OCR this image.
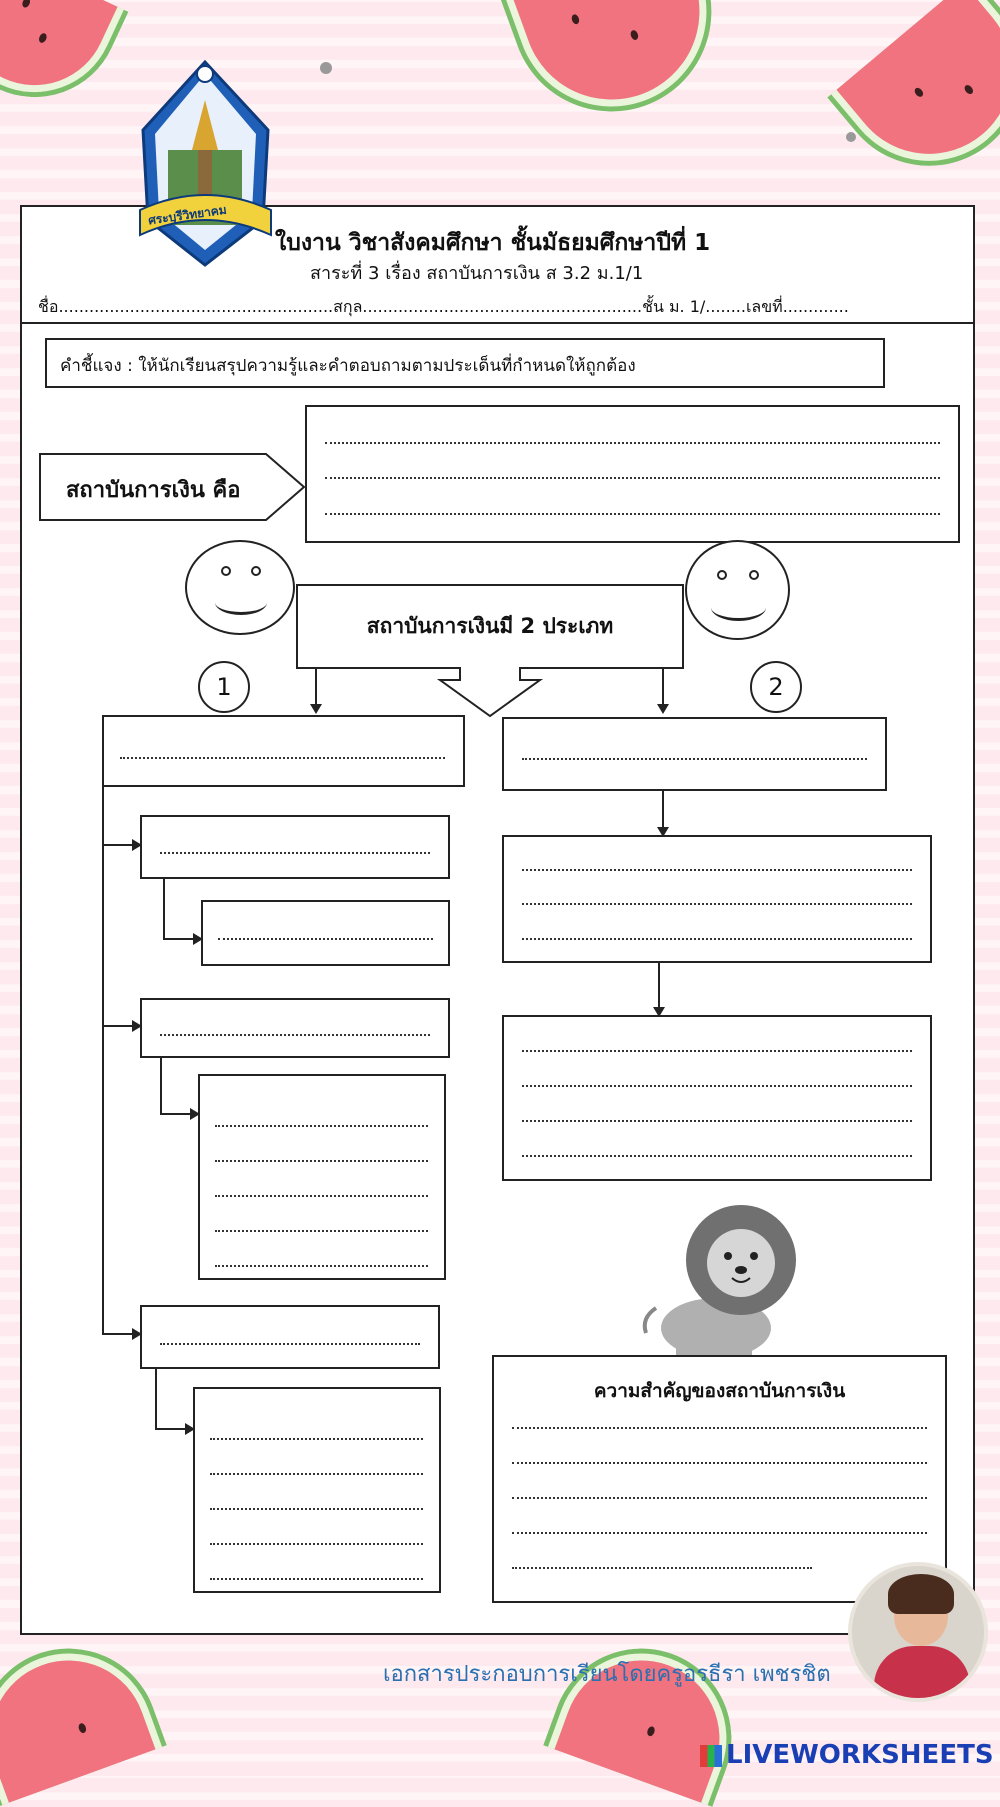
ศระบุรีวิทยาคม
ใบงาน วิชาสังคมศึกษา ชั้นมัธยมศึกษาปีที่ 1
สาระที่ 3 เรื่อง สถาบันการเงิน ส 3.2 ม.1/1
ชื่อ......................................................สกุล.......................................................ชั้น ม. 1/........เลขที่.............
คำชี้แจง : ให้นักเรียนสรุปความรู้และคำตอบถามตามประเด็นที่กำหนดให้ถูกต้อง
สถาบันการเงิน คือ
สถาบันการเงินมี 2 ประเภท
1	2
ความสำคัญของสถาบันการเงิน
เอกสารประกอบการเรียนโดยครูอรธีรา เพชรชิต
LIVEWORKSHEETS
